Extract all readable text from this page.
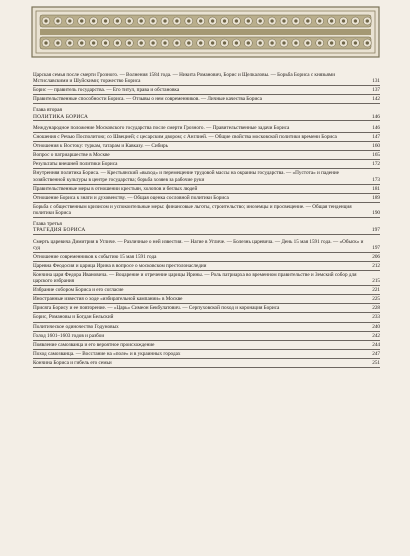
Царская семья после смерти Грозного. — Волнения 1584 года. — Никита Романович, Борис и Щелкаловы. — Борьба Бориса с князьями Мстиславскими и Шуйскими; торжество Бориса	131
Борис — правитель государства. — Его титул, права и обстановка	137
Правительственные способности Бориса. — Отзывы о нем современников. — Личные качества Бориса	142
Глава вторая
ПОЛИТИКА БОРИСА	146
Международное положение Московского государства после смерти Грозного. — Правительственные задачи Бориса	146
Сношения с Речью Посполитою; со Швецией; с цесарским двором; с Англией. — Общие свойства московской политики времени Бориса	147
Отношения к Востоку: туркам, татарам и Кавказу. — Сибирь	160
Вопрос о патриаршестве в Москве	165
Результаты внешней политики Бориса	172
Внутренняя политика Бориса. — Крестьянский «выход» и перемещение трудовой массы на окраины государства. — «Пустота» и падение хозяйственной культуры в центре государства; борьба хозяев за рабочие руки	173
Правительственные меры в отношении крестьян, холопов и беглых людей	181
Отношение Бориса к знати и духовенству. — Общая оценка сословной политики Бориса	189
Борьба с общественным кризисом и успокоительные меры: финансовые льготы, строительство; иноземцы и просвещение. — Общая тенденция политики Бориса	190
Глава третья
ТРАГЕДИЯ БОРИСА	197
Смерть царевича Димитрия в Угличе. — Различные о ней известия. — Нагие в Угличе. — Болезнь царевича. — День 15 мая 1591 года. — «Обыск» и суд	197
Отношение современников к событию 15 мая 1591 года	206
Царевна Феодосия и царица Ирина в вопросе о московском престолонаследии	212
Кончина царя Федора Ивановича. — Воцарение и отречение царицы Ирины. — Роль патриарха во временном правительстве и Земский собор для царского избрания	215
Избрание собором Бориса и его согласие	221
Иностранные известия о ходе «избирательной кампании» в Москве	225
Присяга Борису и ее повторение. — «Царь» Симеон Бекбулатович. — Серпуховской поход и коронация Бориса	228
Борис, Романовы и Богдан Бельский	233
Политическое одиночество Годуновых	240
Голод 1601–1603 годов и разбои	242
Появление самозванца и его вероятное происхождение	244
Поход самозванца. — Восстание на «поле» и в украинных городах	247
Кончина Бориса и гибель его семьи	251
